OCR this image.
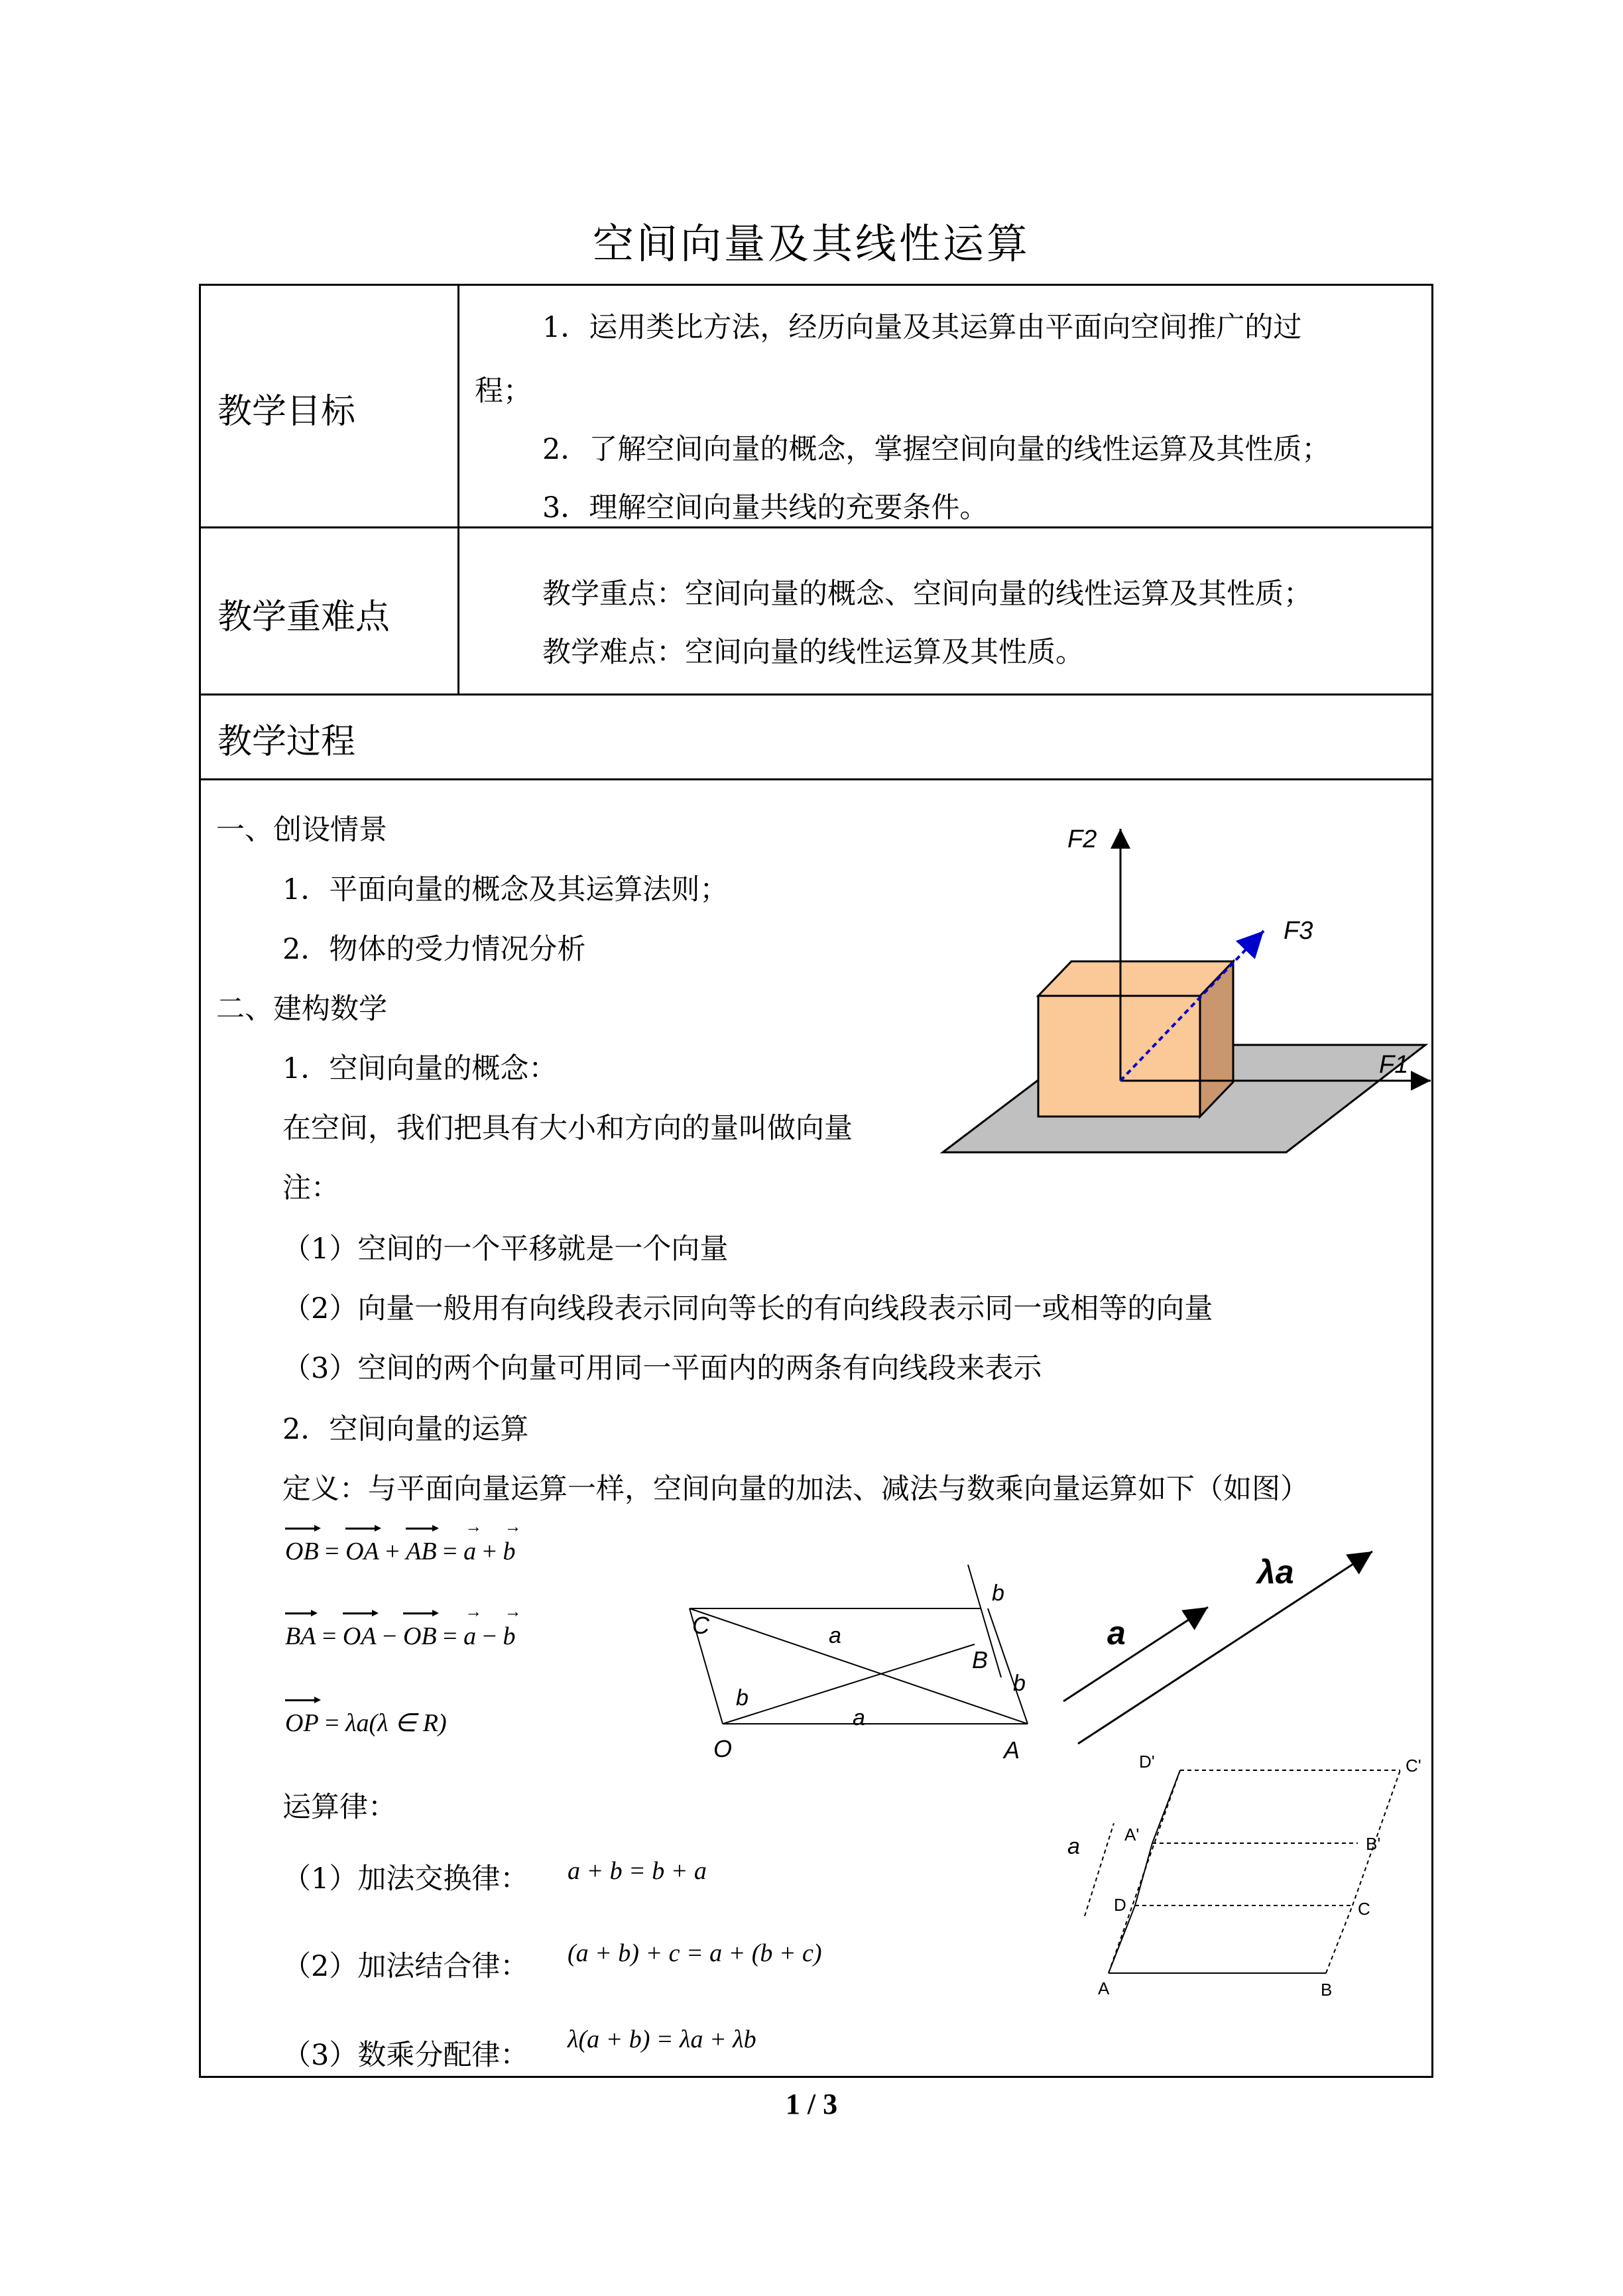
空间向量及其线性运算
教学目标
1．运用类比方法，经历向量及其运算由平面向空间推广的过
程；
2．了解空间向量的概念，掌握空间向量的线性运算及其性质；
3．理解空间向量共线的充要条件。
教学重难点
教学重点：空间向量的概念、空间向量的线性运算及其性质；
教学难点：空间向量的线性运算及其性质。
教学过程
一、创设情景
1．平面向量的概念及其运算法则；
2．物体的受力情况分析
二、建构数学
1．空间向量的概念：
在空间，我们把具有大小和方向的量叫做向量
注：
（1）空间的一个平移就是一个向量
（2）向量一般用有向线段表示同向等长的有向线段表示同一或相等的向量
（3）空间的两个向量可用同一平面内的两条有向线段来表示
2．空间向量的运算
定义：与平面向量运算一样，空间向量的加法、减法与数乘向量运算如下（如图）
OB =
OA + AB =
→
a +
→
b
BA =
OA − OB =
→
a −
→
b
OP = λa(λ ∈ R)
运算律：
（1）加法交换律： a + b = b + a
（2）加法结合律： (a + b) + c = a + (b + c)
（3）数乘分配律： λ(a + b) = λa + λb
F2
F3
F1
C
B
O	A
a
a
b
b
b
a
λa
D'	C'
A'	B'
D	C
A	B
a
1 / 3
